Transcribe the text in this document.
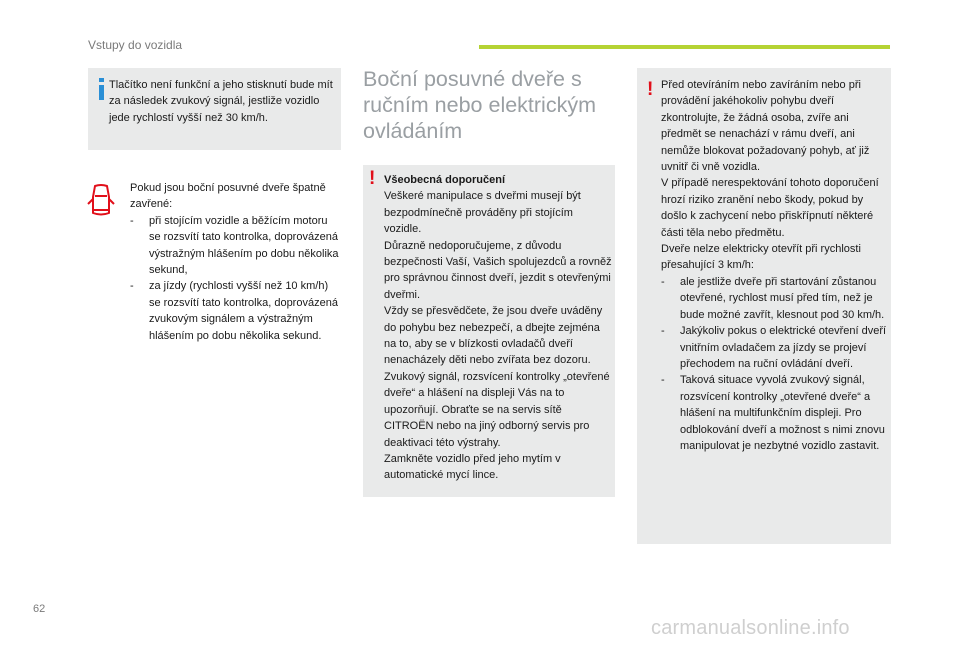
Vstupy do vozidla
Tlačítko není funkční a jeho stisknutí bude mít za následek zvukový signál, jestliže vozidlo jede rychlostí vyšší než 30 km/h.

Pokud jsou boční posuvné dveře špatně zavřené:

- při stojícím vozidle a běžícím motoru se rozsvítí tato kontrolka, doprovázená výstražným hlášením po dobu několika sekund,

- za jízdy (rychlosti vyšší než 10 km/h) se rozsvítí tato kontrolka, doprovázená zvukovým signálem a výstražným hlášením po dobu několika sekund.

Boční posuvné dveře s ručním nebo elektrickým ovládáním
! Všeobecná doporučení
Veškeré manipulace s dveřmi musejí být bezpodmínečně prováděny při stojícím vozidle.
Důrazně nedoporučujeme, z důvodu bezpečnosti Vaší, Vašich spolujezdců a rovněž pro správnou činnost dveří, jezdit s otevřenými dveřmi.
Vždy se přesvědčete, že jsou dveře uváděny do pohybu bez nebezpečí, a dbejte zejména na to, aby se v blízkosti ovladačů dveří nenacházely děti nebo zvířata bez dozoru.
Zvukový signál, rozsvícení kontrolky „otevřené dveře“ a hlášení na displeji Vás na to upozorňují. Obraťte se na servis sítě CITROËN nebo na jiný odborný servis pro deaktivaci této výstrahy.
Zamkněte vozidlo před jeho mytím v automatické mycí lince.
! Před otevíráním nebo zavíráním nebo při provádění jakéhokoliv pohybu dveří zkontrolujte, že žádná osoba, zvíře ani předmět se nenachází v rámu dveří, ani nemůže blokovat požadovaný pohyb, ať již uvnitř či vně vozidla.

V případě nerespektování tohoto doporučení hrozí riziko zranění nebo škody, pokud by došlo k zachycení nebo přiskřípnutí některé části těla nebo předmětu.

Dveře nelze elektricky otevřít při rychlosti přesahující 3 km/h:

- ale jestliže dveře při startování zůstanou otevřené, rychlost musí před tím, než je bude možné zavřít, klesnout pod 30 km/h.

- Jakýkoliv pokus o elektrické otevření dveří vnitřním ovladačem za jízdy se projeví přechodem na ruční ovládání dveří.

- Taková situace vyvolá zvukový signál, rozsvícení kontrolky „otevřené dveře“ a hlášení na multifunkčním displeji. Pro odblokování dveří a možnost s nimi znovu manipulovat je nezbytné vozidlo zastavit.

62
carmanualsonline.info
